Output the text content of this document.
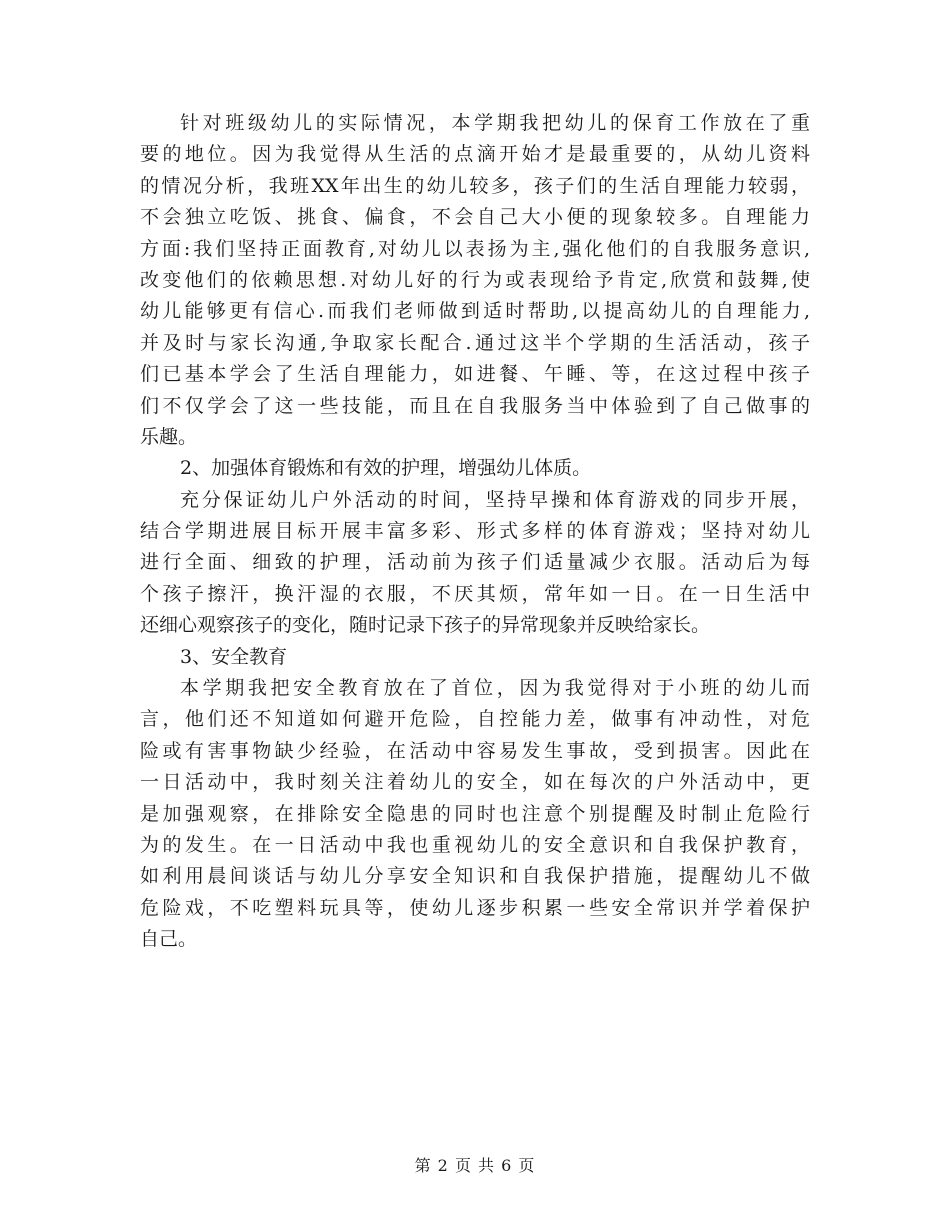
针对班级幼儿的实际情况，本学期我把幼儿的保育工作放在了重
要的地位。因为我觉得从生活的点滴开始才是最重要的，从幼儿资料
的情况分析，我班XX年出生的幼儿较多，孩子们的生活自理能力较弱，
不会独立吃饭、挑食、偏食，不会自己大小便的现象较多。自理能力
方面:我们坚持正面教育,对幼儿以表扬为主,强化他们的自我服务意识,
改变他们的依赖思想.对幼儿好的行为或表现给予肯定,欣赏和鼓舞,使
幼儿能够更有信心.而我们老师做到适时帮助,以提高幼儿的自理能力,
并及时与家长沟通,争取家长配合.通过这半个学期的生活活动，孩子
们已基本学会了生活自理能力，如进餐、午睡、等，在这过程中孩子
们不仅学会了这一些技能，而且在自我服务当中体验到了自己做事的
乐趣。
2、加强体育锻炼和有效的护理，增强幼儿体质。
充分保证幼儿户外活动的时间，坚持早操和体育游戏的同步开展，
结合学期进展目标开展丰富多彩、形式多样的体育游戏；坚持对幼儿
进行全面、细致的护理，活动前为孩子们适量减少衣服。活动后为每
个孩子擦汗，换汗湿的衣服，不厌其烦，常年如一日。在一日生活中
还细心观察孩子的变化，随时记录下孩子的异常现象并反映给家长。
3、安全教育
本学期我把安全教育放在了首位，因为我觉得对于小班的幼儿而
言，他们还不知道如何避开危险，自控能力差，做事有冲动性，对危
险或有害事物缺少经验，在活动中容易发生事故，受到损害。因此在
一日活动中，我时刻关注着幼儿的安全，如在每次的户外活动中，更
是加强观察，在排除安全隐患的同时也注意个别提醒及时制止危险行
为的发生。在一日活动中我也重视幼儿的安全意识和自我保护教育，
如利用晨间谈话与幼儿分享安全知识和自我保护措施，提醒幼儿不做
危险戏，不吃塑料玩具等，使幼儿逐步积累一些安全常识并学着保护
自己。
第 2 页 共 6 页
